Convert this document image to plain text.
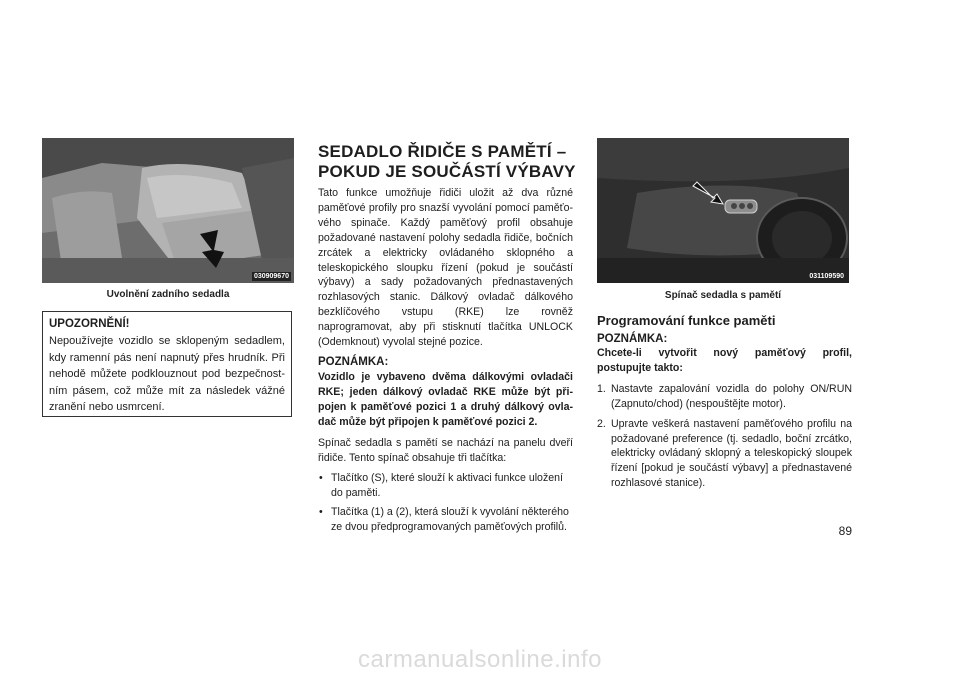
030909670
Uvolnění zadního sedadla
UPOZORNĚNÍ!
Nepoužívejte vozidlo se sklopeným sedadlem, kdy ramenní pás není napnutý přes hrudník. Při nehodě můžete podklouznout pod bezpečnostním pásem, což může mít za následek vážné zranění nebo usmrcení.
SEDADLO ŘIDIČE S PAMĚTÍ – POKUD JE SOUČÁSTÍ VÝBAVY
Tato funkce umožňuje řidiči uložit až dva různé paměťové profily pro snazší vyvolání pomocí paměťového spinače. Každý paměťový profil obsahuje požadované nastavení polohy sedadla řidiče, bočních zrcátek a elektricky ovládaného sklopného a teleskopického sloupku řízení (pokud je součástí výbavy) a sady požadovaných přednastavených rozhlasových stanic. Dálkový ovladač dálkového bezklíčového vstupu (RKE) lze rovněž naprogramovat, aby při stisknutí tlačítka UNLOCK (Odemknout) vyvolal stejné pozice.
POZNÁMKA:
Vozidlo je vybaveno dvěma dálkovými ovladači RKE; jeden dálkový ovladač RKE může být připojen k paměťové pozici 1 a druhý dálkový ovladač může být připojen k paměťové pozici 2.
Spínač sedadla s pamětí se nachází na panelu dveří řidiče. Tento spínač obsahuje tři tlačítka:
• Tlačítko (S), které slouží k aktivaci funkce uložení do paměti.
• Tlačítka (1) a (2), která slouží k vyvolání některého ze dvou předprogramovaných paměťových profilů.
031109590
Spínač sedadla s pamětí
Programování funkce paměti
POZNÁMKA:
Chcete-li vytvořit nový paměťový profil, postupujte takto:
1. Nastavte zapalování vozidla do polohy ON/RUN (Zapnuto/chod) (nespouštějte motor).
2. Upravte veškerá nastavení paměťového profilu na požadované preference (tj. sedadlo, boční zrcátko, elektricky ovládaný sklopný a teleskopický sloupek řízení [pokud je součástí výbavy] a přednastavené rozhlasové stanice).
89
carmanualsonline.info
